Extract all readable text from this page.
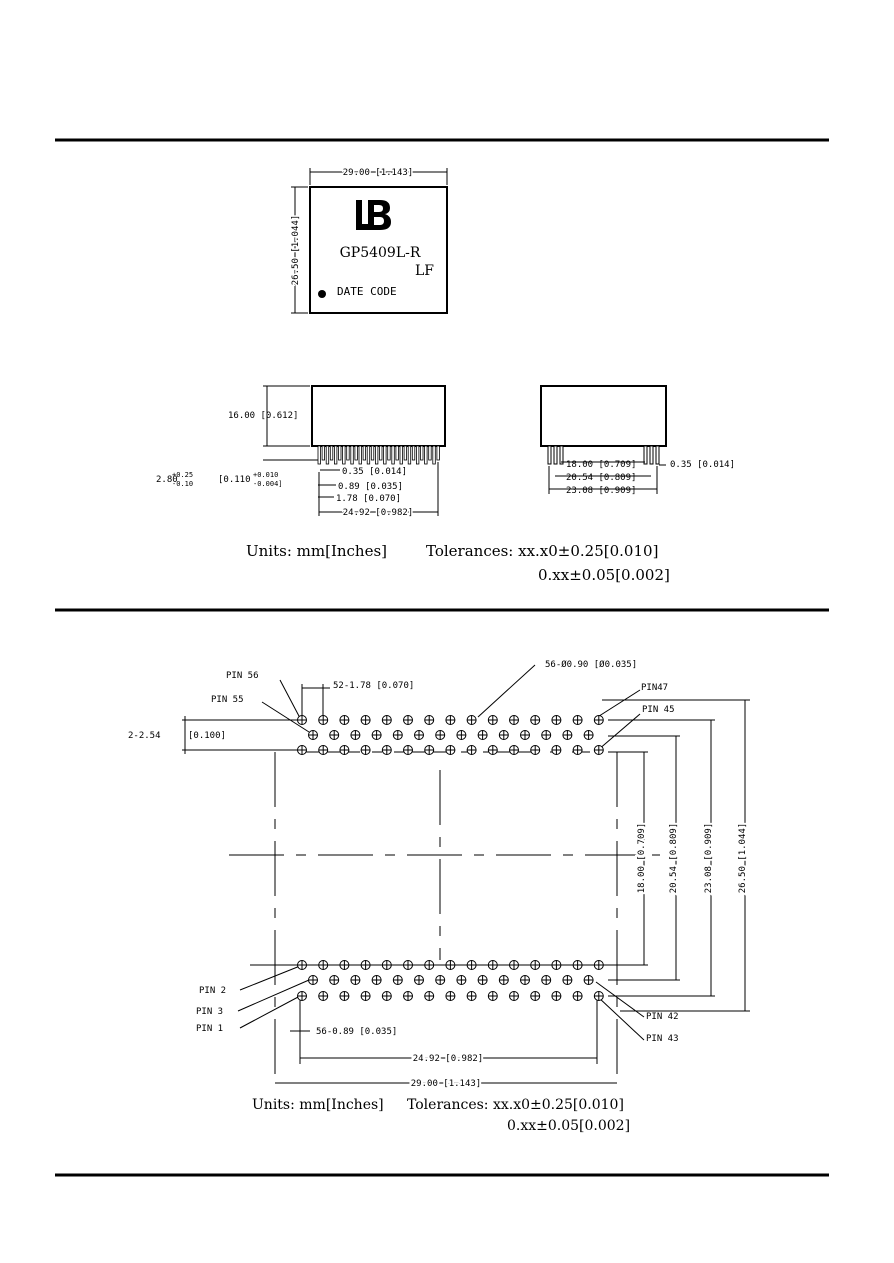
29.00 [1.143]
26.50 [1.044]	GP5409L-R
LF
DATE CODE
16.00 [0.612]
2.80
+0.25
-0.10	[0.110 +0.010
-0.004]
0.35 [0.014]
0.89 [0.035]
1.78 [0.070]
24.92 [0.982]
18.00 [0.709]
20.54 [0.809]
23.08 [0.909]
0.35 [0.014]
Units: mm[Inches]	Tolerances: xx.x0±0.25[0.010]
0.xx±0.05[0.002]
18.00 [0.709] 20.54 [0.809]	23.08 [0.909]	26.50 [1.044]
2-2.54	[0.100]
52-1.78 [0.070]
56-Ø0.90 [Ø0.035]
PIN 56
PIN 55
PIN47
PIN 45
PIN 2
PIN 3
PIN 1
PIN 42
PIN 43
56-0.89 [0.035]
24.92 [0.982]
29.00 [1.143]
Units: mm[Inches] Tolerances: xx.x0±0.25[0.010]
0.xx±0.05[0.002]
